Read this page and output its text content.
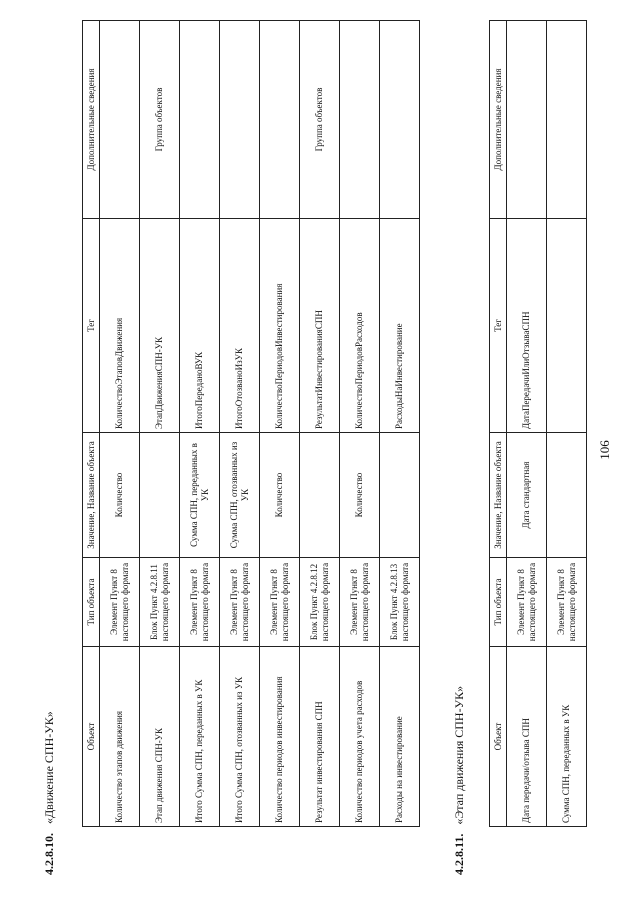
106
4.2.8.10. «Движение СПН-УК»	Объект	Тип объекта	Значение, Название объекта	Тег	Дополнительные сведения
Количество этапов движения	Элемент Пункт 8 настоящего формата	Количество	КоличествоЭтаповДвижения	
Этап движения СПН-УК	Блок Пункт 4.2.8.11 настоящего формата		ЭтапДвиженияСПН-УК	Группа объектов
Итого Сумма СПН, переданных в УК	Элемент Пункт 8 настоящего формата	Сумма СПН, переданных в УК	ИтогоПереданоВУК	
Итого Сумма СПН, отозванных из УК	Элемент Пункт 8 настоящего формата	Сумма СПН, отозванных из УК	ИтогоОтозваноИзУК	
Количество периодов инвестирования	Элемент Пункт 8 настоящего формата	Количество	КоличествоПериодовИнвестирования	
Результат инвестирования СПН	Блок Пункт 4.2.8.12 настоящего формата		РезультатИнвестированияСПН	Группа объектов
Количество периодов учета расходов	Элемент Пункт 8 настоящего формата	Количество	КоличествоПериодовРасходов	
Расходы на инвестирование	Блок Пункт 4.2.8.13 настоящего формата		РасходыНаИнвестирование	
4.2.8.11. «Этап движения СПН-УК»	Объект	Тип объекта	Значение, Название объекта	Тег	Дополнительные сведения
Дата передачи/отзыва СПН	Элемент Пункт 8 настоящего формата	Дата стандартная	ДатаПередачиИлиОтзываСПН	
Сумма СПН, переданных в УК	Элемент Пункт 8 настоящего формата			
